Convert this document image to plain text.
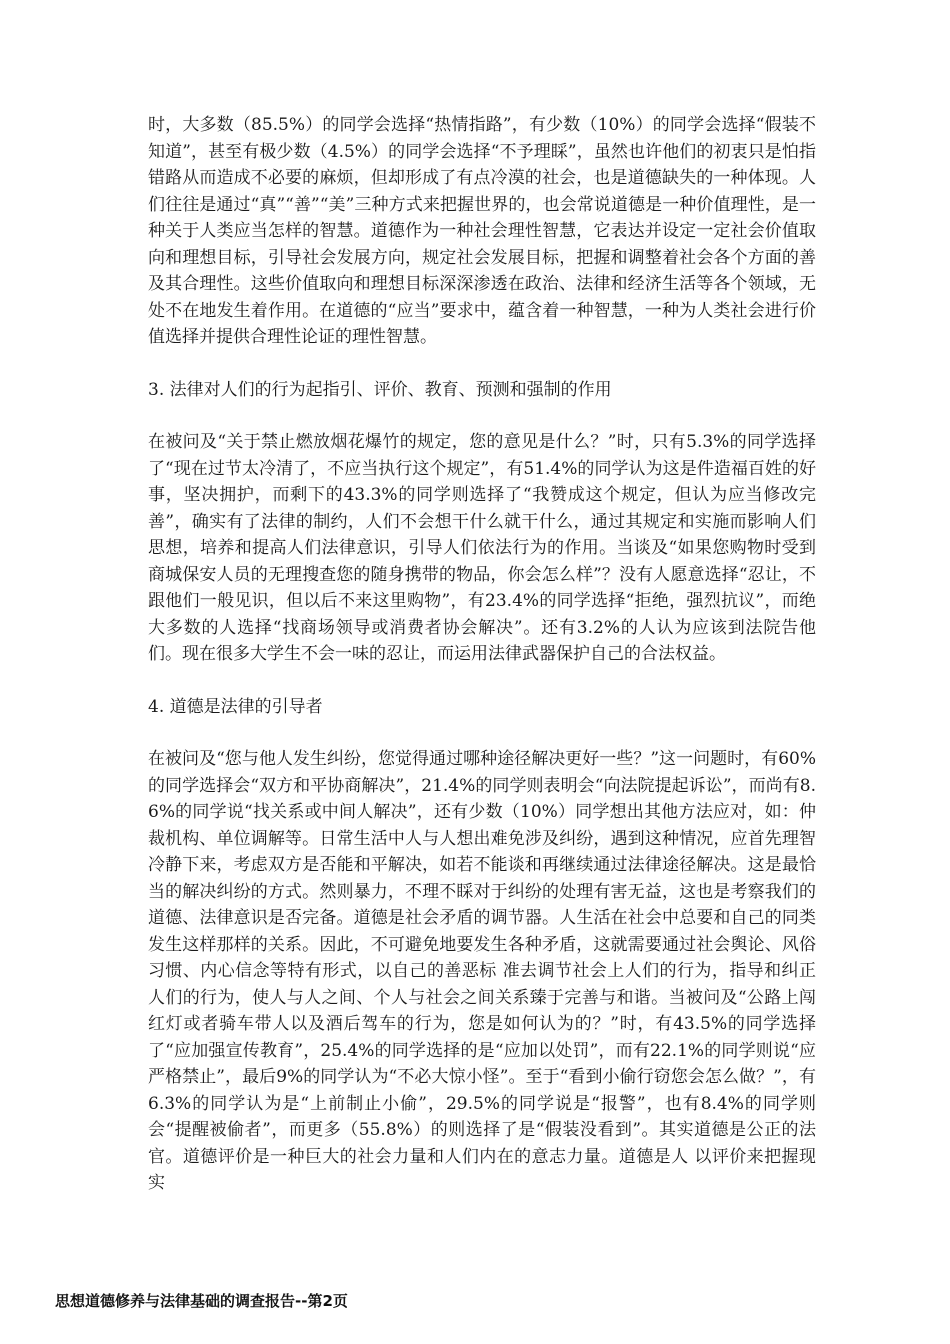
时，大多数（85.5%）的同学会选择“热情指路”，有少数（10%）的同学会选择“假装不知道”，甚至有极少数（4.5%）的同学会选择“不予理睬”，虽然也许他们的初衷只是怕指错路从而造成不必要的麻烦，但却形成了有点冷漠的社会，也是道德缺失的一种体现。人们往往是通过“真”“善”“美”三种方式来把握世界的，也会常说道德是一种价值理性，是一种关于人类应当怎样的智慧。道德作为一种社会理性智慧，它表达并设定一定社会价值取向和理想目标，引导社会发展方向，规定社会发展目标，把握和调整着社会各个方面的善及其合理性。这些价值取向和理想目标深深渗透在政治、法律和经济生活等各个领域，无处不在地发生着作用。在道德的“应当”要求中，蕴含着一种智慧，一种为人类社会进行价值选择并提供合理性论证的理性智慧。

3. 法律对人们的行为起指引、评价、教育、预测和强制的作用

在被问及“关于禁止燃放烟花爆竹的规定，您的意见是什么？”时，只有5.3%的同学选择了“现在过节太冷清了，不应当执行这个规定”，有51.4%的同学认为这是件造福百姓的好事，坚决拥护，而剩下的43.3%的同学则选择了“我赞成这个规定，但认为应当修改完善”，确实有了法律的制约，人们不会想干什么就干什么，通过其规定和实施而影响人们思想，培养和提高人们法律意识，引导人们依法行为的作用。当谈及“如果您购物时受到商城保安人员的无理搜查您的随身携带的物品，你会怎么样”？没有人愿意选择“忍让，不跟他们一般见识，但以后不来这里购物”，有23.4%的同学选择“拒绝，强烈抗议”，而绝大多数的人选择“找商场领导或消费者协会解决”。还有3.2%的人认为应该到法院告他们。现在很多大学生不会一味的忍让，而运用法律武器保护自己的合法权益。

4. 道德是法律的引导者

在被问及“您与他人发生纠纷，您觉得通过哪种途径解决更好一些？”这一问题时，有60%的同学选择会“双方和平协商解决”，21.4%的同学则表明会“向法院提起诉讼”，而尚有8.6%的同学说“找关系或中间人解决”，还有少数（10%）同学想出其他方法应对，如：仲裁机构、单位调解等。日常生活中人与人想出难免涉及纠纷，遇到这种情况，应首先理智冷静下来，考虑双方是否能和平解决，如若不能谈和再继续通过法律途径解决。这是最恰当的解决纠纷的方式。然则暴力，不理不睬对于纠纷的处理有害无益，这也是考察我们的道德、法律意识是否完备。道德是社会矛盾的调节器。人生活在社会中总要和自己的同类发生这样那样的关系。因此，不可避免地要发生各种矛盾，这就需要通过社会舆论、风俗习惯、内心信念等特有形式，以自己的善恶标 准去调节社会上人们的行为，指导和纠正人们的行为，使人与人之间、个人与社会之间关系臻于完善与和谐。当被问及“公路上闯红灯或者骑车带人以及酒后驾车的行为，您是如何认为的？”时，有43.5%的同学选择了“应加强宣传教育”，25.4%的同学选择的是“应加以处罚”，而有22.1%的同学则说“应严格禁止”，最后9%的同学认为“不必大惊小怪”。至于“看到小偷行窃您会怎么做？”，有6.3%的同学认为是“上前制止小偷”，29.5%的同学说是“报警”，也有8.4%的同学则会“提醒被偷者”，而更多（55.8%）的则选择了是“假装没看到”。其实道德是公正的法官。道德评价是一种巨大的社会力量和人们内在的意志力量。道德是人 以评价来把握现实

思想道德修养与法律基础的调查报告--第2页
